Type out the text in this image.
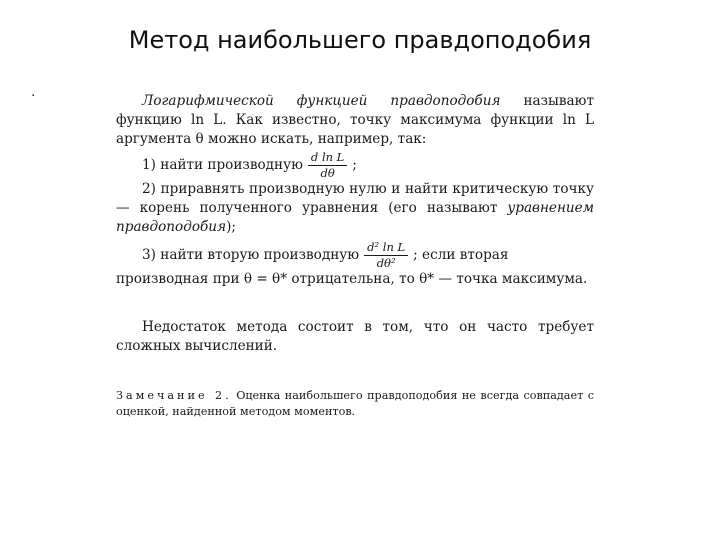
Метод наибольшего правдоподобия
.

Логарифмической функцией правдоподобия называют функцию ln L. Как известно, точку максимума функции ln L аргумента θ можно искать, например, так:

1) найти производную $\frac{\text{d ln L}}{d\theta}$ ;

2) приравнять производную нулю и найти критическую точку — корень полученного уравнения (его называют уравнением правдоподобия);

3) найти вторую производную $\frac{\text{d² ln L}}{\text{dθ²}}$ ; если вторая

производная при θ = θ* отрицательна, то θ* — точка максимума.

Недостаток метода состоит в том, что он часто требует сложных вычислений.

Замечание 2. Оценка наибольшего правдоподобия не всегда совпадает с оценкой, найденной методом моментов.
